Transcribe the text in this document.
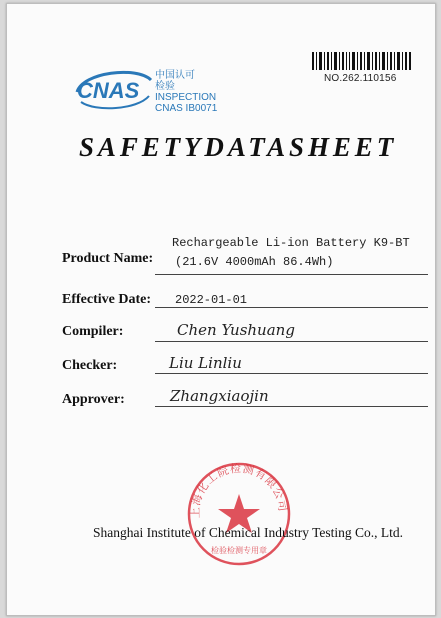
CNAS
中国认可
检验
INSPECTION
CNAS IB0071
NO.262.110156
SAFETYDATASHEET
Product Name:
Rechargeable Li-ion Battery K9-BT
(21.6V 4000mAh 86.4Wh)
Effective Date: 2022-01-01
Compiler:	Chen Yushuang
Checker:	Liu Linliu
Approver:	Zhangxiaojin
上海化工院检测有限公司
检验检测专用章
Shanghai Institute of Chemical Industry Testing Co., Ltd.
